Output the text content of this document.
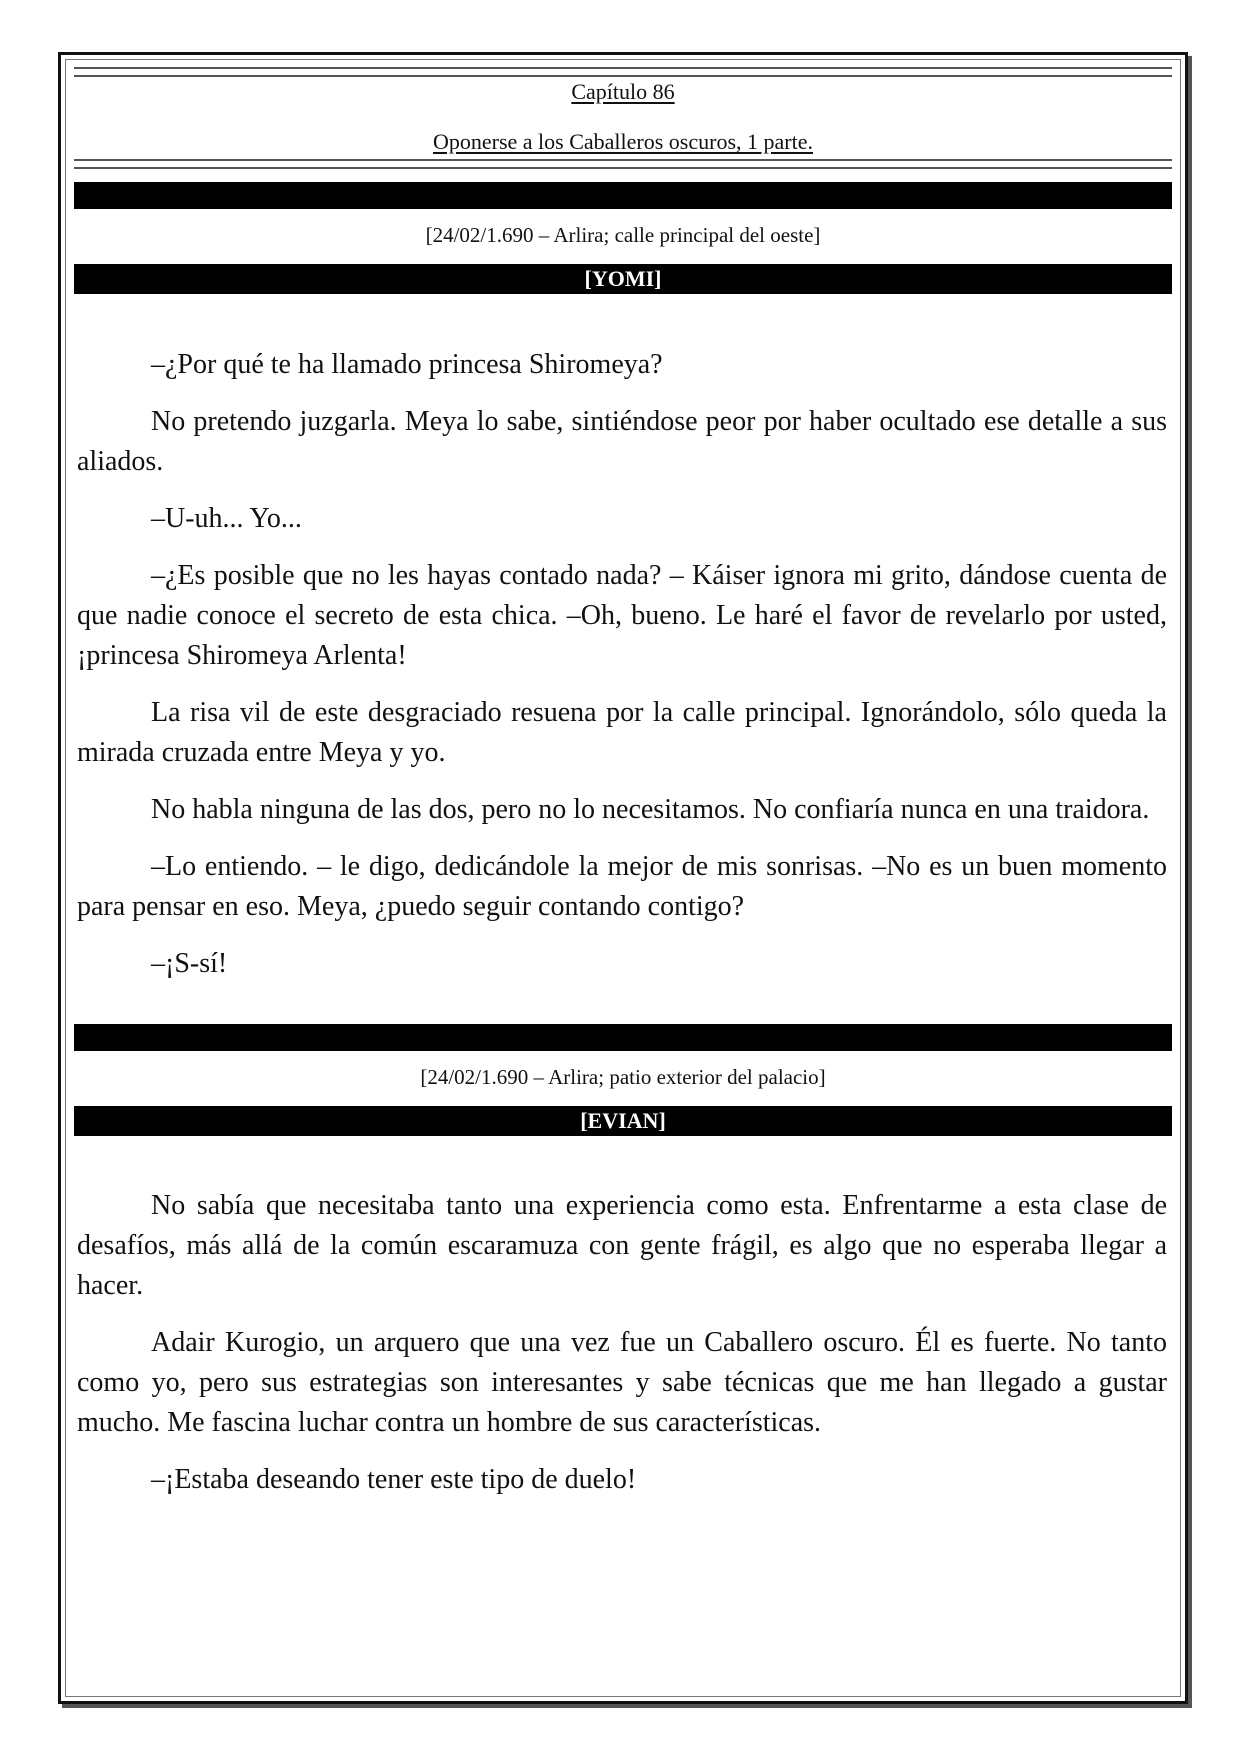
Capítulo 86
Oponerse a los Caballeros oscuros, 1 parte.
[24/02/1.690 – Arlira; calle principal del oeste]
[YOMI]

–¿Por qué te ha llamado princesa Shiromeya?

No pretendo juzgarla. Meya lo sabe, sintiéndose peor por haber ocultado ese detalle a sus aliados.

–U-uh... Yo...

–¿Es posible que no les hayas contado nada? – Káiser ignora mi grito, dándose cuenta de que nadie conoce el secreto de esta chica. –Oh, bueno. Le haré el favor de revelarlo por usted, ¡princesa Shiromeya Arlenta!

La risa vil de este desgraciado resuena por la calle principal. Ignorándolo, sólo queda la mirada cruzada entre Meya y yo.

No habla ninguna de las dos, pero no lo necesitamos. No confiaría nunca en una traidora.

–Lo entiendo. – le digo, dedicándole la mejor de mis sonrisas. –No es un buen momento para pensar en eso. Meya, ¿puedo seguir contando contigo?

–¡S-sí!

[24/02/1.690 – Arlira; patio exterior del palacio]
[EVIAN]

No sabía que necesitaba tanto una experiencia como esta. Enfrentarme a esta clase de desafíos, más allá de la común escaramuza con gente frágil, es algo que no esperaba llegar a hacer.

Adair Kurogio, un arquero que una vez fue un Caballero oscuro. Él es fuerte. No tanto como yo, pero sus estrategias son interesantes y sabe técnicas que me han llegado a gustar mucho. Me fascina luchar contra un hombre de sus características.

–¡Estaba deseando tener este tipo de duelo!
